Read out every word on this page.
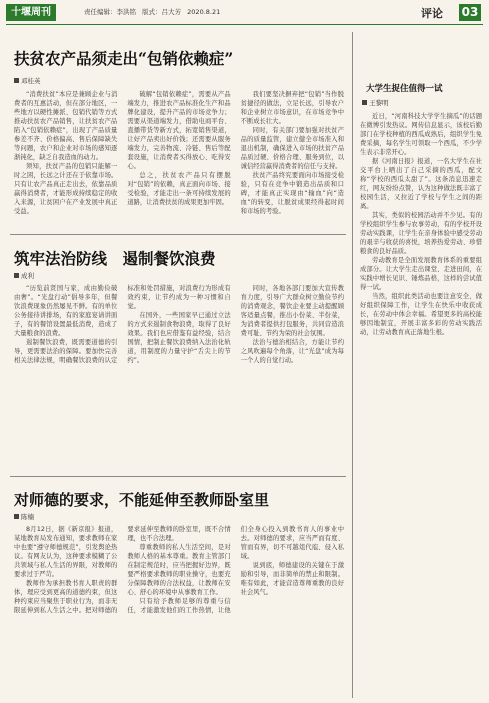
十堰周刊	责任编辑：李洪铭 版式：吕大芳 2020.8.21	评论 03
扶贫农产品须走出“包销依赖症”
邓桂英

“消费扶贫”本应是兼顾企业与消费者的互惠活动，但在部分地区，一些地方以硬性摊派、包销代销等方式推动扶贫农产品销售，让扶贫农产品陷入“包销依赖症”，出现了产品质量参差不齐、价格偏高、售后保障缺失等问题，农户和企业对市场的感知逐渐钝化，缺乏自我造血的动力。

须知，扶贫产品的包销只能解一时之困，长远之计还在于依靠市场。只有让农产品真正走出去，依靠品质赢得消费者，才能形成持续稳定的收入来源，让贫困户在产业发展中真正受益。

破解“包销依赖症”，需要从产品端发力，推进农产品标准化生产和品牌化建设，提升产品的市场竞争力；需要从渠道端发力，借助电商平台、直播带货等新方式，拓宽销售渠道，让好产品卖出好价钱；还需要从服务端发力，完善物流、冷链、售后等配套设施，让消费者买得放心、吃得安心。

总之，扶贫农产品只有摆脱对“包销”的依赖，真正面向市场、接受检验，才能走出一条可持续发展的道路，让消费扶贫的成果更加牢固。

我们要坚决摒弃把“包销”当作脱贫捷径的做法，立足长远，引导农户和企业树立市场意识，在市场竞争中不断成长壮大。

同时，有关部门要加强对扶贫产品的质量监管，建立健全市场准入和退出机制，确保进入市场的扶贫产品品质过硬、价格合理、服务到位，以诚信经营赢得消费者的信任与支持。

扶贫产品终究要面向市场接受检验，只有在竞争中锻造出品质和口碑，才能真正实现由“输血”向“造血”的转变，让脱贫成果经得起时间和市场的考验。

筑牢法治防线　遏制餐饮浪费
成利

“历览前贤国与家，成由勤俭破由奢”。“光盘行动”倡导多年，但餐饮浪费现象仍然屡见不鲜。有的单位公务接待讲排场，有的家庭宴请讲面子，有的餐馆设置最低消费，造成了大量粮食的浪费。

遏制餐饮浪费，既需要道德的引导，更需要法治的保障。要加快完善相关法律法规，明确餐饮浪费的认定标准和处罚措施，对浪费行为形成有效约束，让节约成为一种习惯和自觉。

在国外，一些国家早已通过立法的方式来遏制食物浪费，取得了良好效果。我们也应借鉴有益经验，结合国情，把制止餐饮浪费纳入法治化轨道，用制度的力量守护“舌尖上的节约”。

同时，各地各部门要加大宣传教育力度，引导广大群众树立勤俭节约的消费观念，餐饮企业要主动提醒顾客适量点餐，推出小份菜、半份菜，为消费者提供打包服务，共同营造浪费可耻、节约为荣的社会氛围。

法治与德治相结合，方能让节约之风吹遍每个角落，让“光盘”成为每一个人的自觉行动。

对师德的要求，不能延伸至教师卧室里
陈楠

8月12日，据《新京报》报道，某地教育局发布通知，要求教师在家中也要“遵守师德规范”，引发舆论热议。有网友认为，这种要求模糊了公共领域与私人生活的界限，对教师的要求过于严苛。

教师作为承担教书育人职责的群体，理应受到更高的道德约束，但这种约束应当聚焦于职业行为，而非无限延伸到私人生活之中。把对师德的要求延伸至教师的卧室里，既不合情理，也不合法理。

尊重教师的私人生活空间，是对教师人格的基本尊重。教育主管部门在制定规范时，应当把握好边界，既要严格要求教师的职业操守，也要充分保障教师的合法权益，让教师在安心、舒心的环境中从事教育工作。

只有给予教师足够的尊重与信任，才能激发他们的工作热情，让他们全身心投入到教书育人的事业中去。对师德的要求，应当严而有度、管而有界，切不可越俎代庖、侵入私域。

说到底，师德建设的关键在于激励和引导，而非简单的禁止和限制。唯有如此，才能营造尊师重教的良好社会风气。

大学生捉住值得一试
王黎明

近日，“河南科技大学学生摘瓜”的话题在微博引发热议。网传信息显示，该校后勤部门在学校种植的西瓜成熟后，组织学生免费采摘，每名学生可领取一个西瓜，不少学生表示非常开心。

据《河南日报》报道，一名大学生在社交平台上晒出了自己采摘的西瓜，配文称“学校的西瓜太甜了”。这条消息迅速走红，网友纷纷点赞，认为这种做法既丰富了校园生活，又拉近了学校与学生之间的距离。

其实，类似的校园活动并不少见。有的学校组织学生参与农事劳动，有的学校开设劳动实践课，让学生在亲身体验中感受劳动的艰辛与收获的喜悦，培养热爱劳动、珍惜粮食的良好品质。

劳动教育是全面发展教育体系的重要组成部分。让大学生走出课堂、走进田间，在实践中增长见识、锤炼品格，这样的尝试值得一试。

当然，组织此类活动也要注意安全，做好组织保障工作，让学生在快乐中收获成长，在劳动中体会幸福。希望更多的高校能够因地制宜，开展丰富多彩的劳动实践活动，让劳动教育真正落地生根。
